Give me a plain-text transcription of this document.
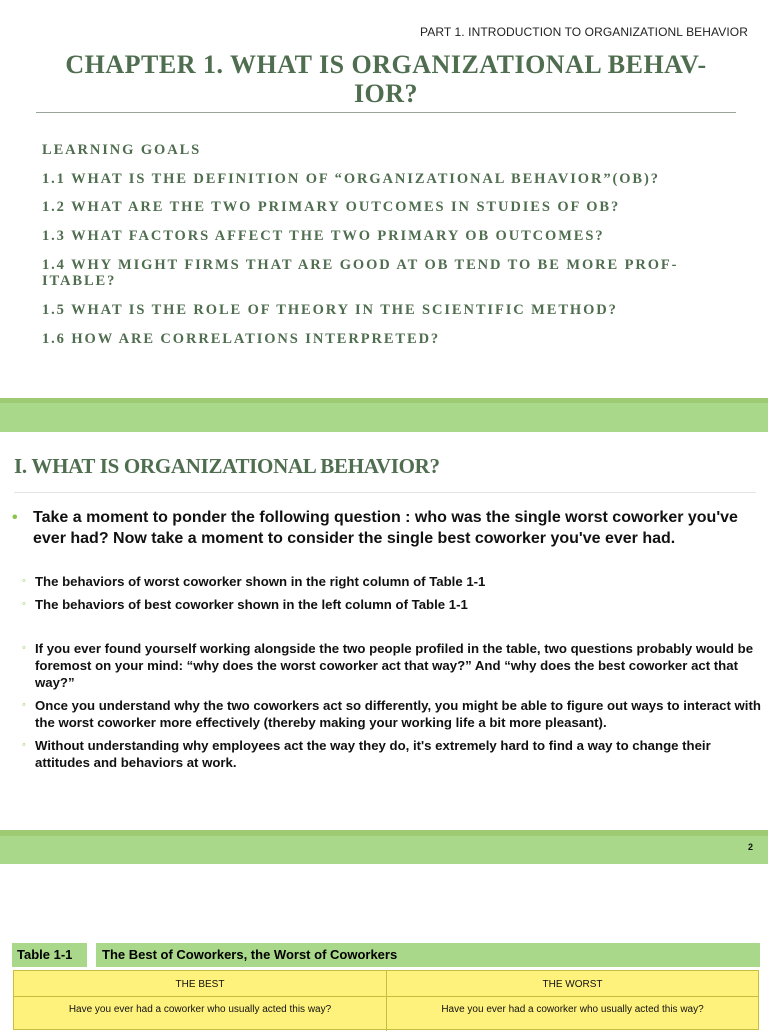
PART 1. INTRODUCTION TO ORGANIZATIONL BEHAVIOR
CHAPTER 1. WHAT IS ORGANIZATIONAL BEHAV-
IOR?
LEARNING GOALS
1.1 WHAT IS THE DEFINITION OF “ORGANIZATIONAL BEHAVIOR”(OB)?
1.2 WHAT ARE THE TWO PRIMARY OUTCOMES IN STUDIES OF OB?
1.3 WHAT FACTORS AFFECT THE TWO PRIMARY OB OUTCOMES?
1.4 WHY MIGHT FIRMS THAT ARE GOOD AT OB TEND TO BE MORE PROF-
ITABLE?
1.5 WHAT IS THE ROLE OF THEORY IN THE SCIENTIFIC METHOD?
1.6 HOW ARE CORRELATIONS INTERPRETED?
I. WHAT IS ORGANIZATIONAL BEHAVIOR?
• Take a moment to ponder the following question : who was the single worst coworker you've ever had? Now take a moment to consider the single best coworker you've ever had.
◦ The behaviors of worst coworker shown in the right column of Table 1-1
◦ The behaviors of best coworker shown in the left column of Table 1-1
◦ If you ever found yourself working alongside the two people profiled in the table, two questions probably would be foremost on your mind: “why does the worst coworker act that way?” And “why does the best coworker act that way?”
◦ Once you understand why the two coworkers act so differently, you might be able to figure out ways to interact with the worst coworker more effectively (thereby making your working life a bit more pleasant).
◦ Without understanding why employees act the way they do, it's extremely hard to find a way to change their attitudes and behaviors at work.
2
Table 1-1	The Best of Coworkers, the Worst of Coworkers
THE BEST	THE WORST
Have you ever had a coworker who usually acted this way?	Have you ever had a coworker who usually acted this way?
